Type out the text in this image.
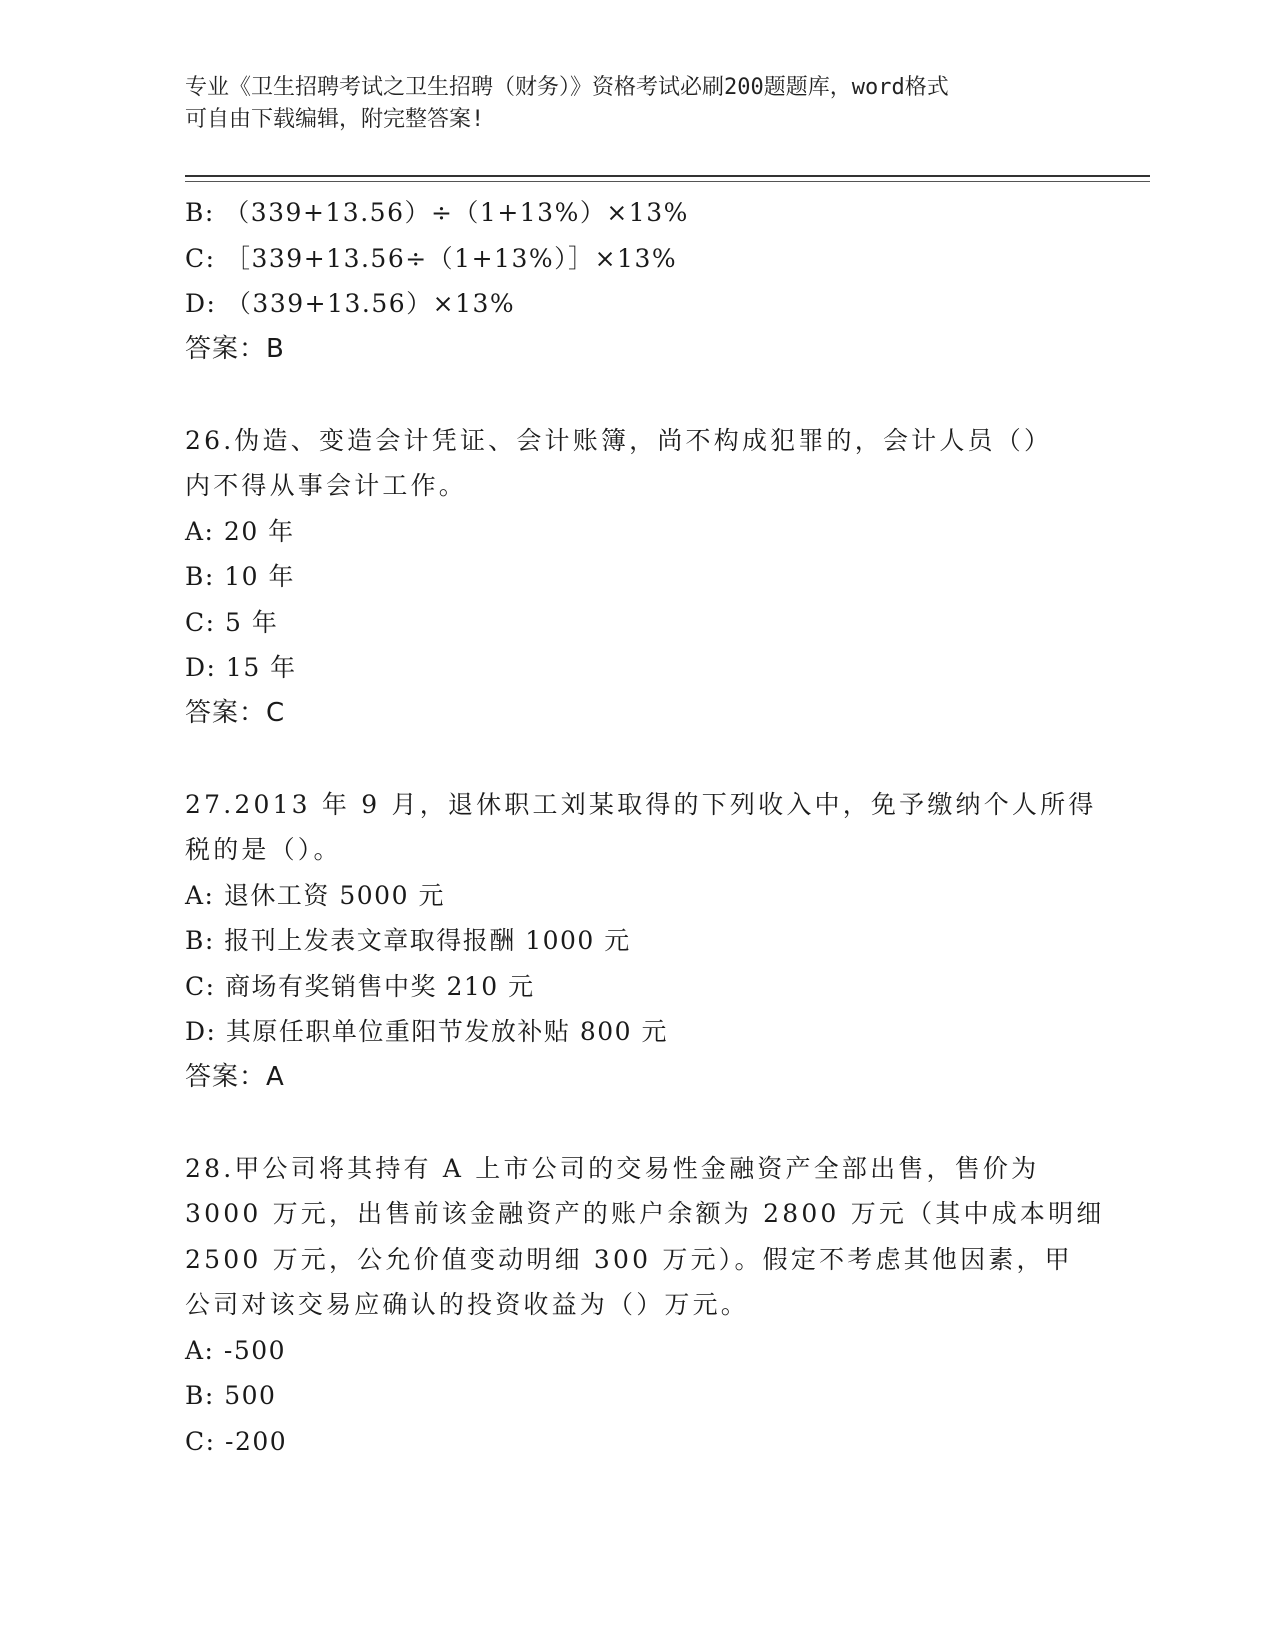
专业《卫生招聘考试之卫生招聘（财务）》资格考试必刷200题题库，word格式
可自由下载编辑，附完整答案!
B: （339+13.56）÷（1+13%）×13%
C: ［339+13.56÷（1+13%）］×13%
D: （339+13.56）×13%
答案：B
26.伪造、变造会计凭证、会计账簿，尚不构成犯罪的，会计人员（）
内不得从事会计工作。
A: 20 年
B: 10 年
C: 5 年
D: 15 年
答案：C
27.2013 年 9 月，退休职工刘某取得的下列收入中，免予缴纳个人所得
税的是（）。
A: 退休工资 5000 元
B: 报刊上发表文章取得报酬 1000 元
C: 商场有奖销售中奖 210 元
D: 其原任职单位重阳节发放补贴 800 元
答案：A
28.甲公司将其持有 A 上市公司的交易性金融资产全部出售，售价为
3000 万元，出售前该金融资产的账户余额为 2800 万元（其中成本明细
2500 万元，公允价值变动明细 300 万元）。假定不考虑其他因素，甲
公司对该交易应确认的投资收益为（）万元。
A: -500
B: 500
C: -200
